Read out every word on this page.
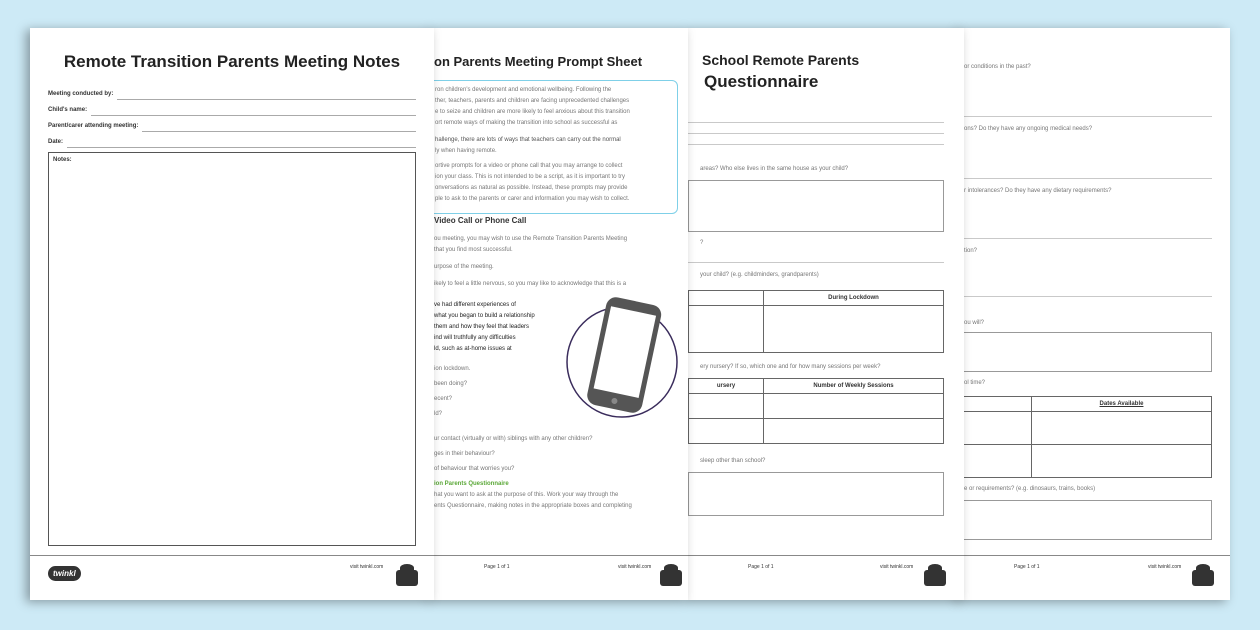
Remote Transition Parents Meeting Notes
Meeting conducted by:
Child's name:
Parent/carer attending meeting:
Date:
Notes:
twinkl
visit twinkl.com
on Parents Meeting Prompt Sheet
ron children's development and emotional wellbeing. Following the
ther, teachers, parents and children are facing unprecedented challenges
e to seize and children are more likely to feel anxious about this transition
ort remote ways of making the transition into school as successful as
hallenge, there are lots of ways that teachers can carry out the normal
ly when having remote.
ortive prompts for a video or phone call that you may arrange to collect
ion your class. This is not intended to be a script, as it is important to try
onversations as natural as possible. Instead, these prompts may provide
ple to ask to the parents or carer and information you may wish to collect.
Video Call or Phone Call
ou meeting, you may wish to use the Remote Transition Parents Meeting
that you find most successful.
urpose of the meeting.
ikely to feel a little nervous, so you may like to acknowledge that this is a
ve had different experiences of
what you began to build a relationship
them and how they feel that leaders
ind will truthfully any difficulties
ld, such as at-home issues at
ion lockdown.
been doing?
ecent?
ld?
ur contact (virtually or with) siblings with any other children?
ges in their behaviour?
of behaviour that worries you?
ion Parents Questionnaire
hat you want to ask at the purpose of this. Work your way through the
ents Questionnaire, making notes in the appropriate boxes and completing
Page 1 of 1	visit twinkl.com
School Remote Parents
Questionnaire
areas? Who else lives in the same house as your child?
?
your child? (e.g. childminders, grandparents)
	During Lockdown

ery nursery? If so, which one and for how many sessions per week?
ursery	Number of Weekly Sessions

sleep other than school?
Page 1 of 1	visit twinkl.com
or conditions in the past?
ons? Do they have any ongoing medical needs?
r intolerances? Do they have any dietary requirements?
tion?
ou will?
ol time?
	Dates Available

e or requirements? (e.g. dinosaurs, trains, books)
Page 1 of 1	visit twinkl.com
